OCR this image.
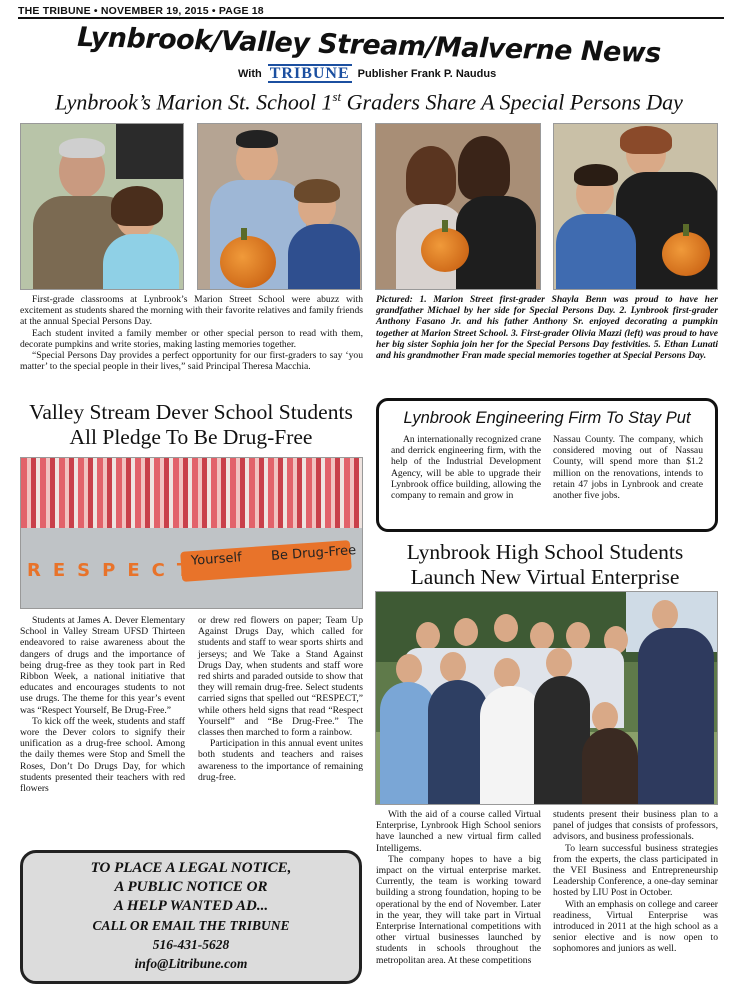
THE TRIBUNE • NOVEMBER 19, 2015 • PAGE 18
Lynbrook/Valley Stream/Malverne News
With TRIBUNE Publisher Frank P. Naudus
Lynbrook’s Marion St. School 1st Graders Share A Special Persons Day

First-grade classrooms at Lynbrook’s Marion Street School were abuzz with excitement as students shared the morning with their favorite relatives and family friends at the annual Special Persons Day.

Each student invited a family member or other special person to read with them, decorate pumpkins and write stories, making lasting memories together.

“Special Persons Day provides a perfect opportunity for our first-graders to say ‘you matter’ to the special people in their lives,” said Principal Theresa Macchia.

Pictured: 1. Marion Street first-grader Shayla Benn was proud to have her grandfather Michael by her side for Special Persons Day. 2. Lynbrook first-grader Anthony Fasano Jr. and his father Anthony Sr. enjoyed decorating a pumpkin together at Marion Street School. 3. First-grader Olivia Mazzi (left) was proud to have her big sister Sophia join her for the Special Persons Day festivities. 5. Ethan Lunati and his grandmother Fran made special memories together at Special Persons Day.
Valley Stream Dever School Students All Pledge To Be Drug-Free
Yourself Be Drug-Free
RESPECT

Students at James A. Dever Elementary School in Valley Stream UFSD Thirteen endeavored to raise awareness about the dangers of drugs and the importance of being drug-free as they took part in Red Ribbon Week, a national initiative that educates and encourages students to not use drugs. The theme for this year’s event was “Respect Yourself, Be Drug-Free.”

To kick off the week, students and staff wore the Dever colors to signify their unification as a drug-free school. Among the daily themes were Stop and Smell the Roses, Don’t Do Drugs Day, for which students presented their teachers with red flowers

or drew red flowers on paper; Team Up Against Drugs Day, which called for students and staff to wear sports shirts and jerseys; and We Take a Stand Against Drugs Day, when students and staff wore red shirts and paraded outside to show that they will remain drug-free. Select students carried signs that spelled out “RESPECT,” while others held signs that read “Respect Yourself” and “Be Drug-Free.” The classes then marched to form a rainbow.

Participation in this annual event unites both students and teachers and raises awareness to the importance of remaining drug-free.

Lynbrook Engineering Firm To Stay Put
An internationally recognized crane and derrick engineering firm, with the help of the Industrial Development Agency, will be able to upgrade their Lynbrook office building, allowing the company to remain and grow in
Nassau County. The company, which considered moving out of Nassau County, will spend more than $1.2 million on the renovations, intends to retain 47 jobs in Lynbrook and create another five jobs.
Lynbrook High School Students Launch New Virtual Enterprise

With the aid of a course called Virtual Enterprise, Lynbrook High School seniors have launched a new virtual firm called Intelligems.

The company hopes to have a big impact on the virtual enterprise market. Currently, the team is working toward building a strong foundation, hoping to be operational by the end of November. Later in the year, they will take part in Virtual Enterprise International competitions with other virtual businesses launched by students in schools throughout the metropolitan area. At these competitions

students present their business plan to a panel of judges that consists of professors, advisors, and business professionals.

To learn successful business strategies from the experts, the class participated in the VEI Business and Entrepreneurship Leadership Conference, a one-day seminar hosted by LIU Post in October.

With an emphasis on college and career readiness, Virtual Enterprise was introduced in 2011 at the high school as a senior elective and is now open to sophomores and juniors as well.

TO PLACE A LEGAL NOTICE,
A PUBLIC NOTICE OR
A HELP WANTED AD...
CALL OR EMAIL THE TRIBUNE
516-431-5628
info@Litribune.com
